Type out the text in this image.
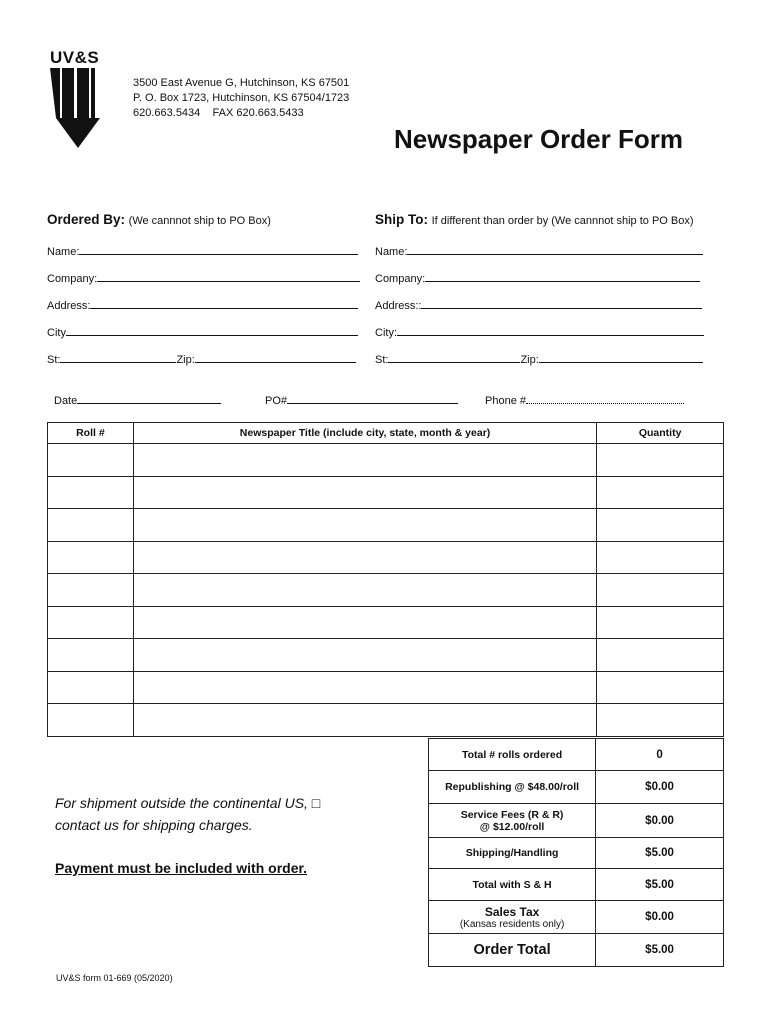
UV&S
3500 East Avenue G, Hutchinson, KS 67501
P. O. Box 1723, Hutchinson, KS 67504/1723
620.663.5434    FAX 620.663.5433
Newspaper Order Form
Ordered By: (We cannnot ship to PO Box)	Ship To: If different than order by (We cannnot ship to PO Box)
Name:
Company:
Address:
City
St:	Zip:
Name:
Company:
Address::
City:
St:	Zip:
Date	PO#	Phone #
Roll #	Newspaper Title (include city, state, month & year)	Quantity

Total # rolls ordered	0
Republishing @ $48.00/roll	$0.00
Service Fees (R & R)
@ $12.00/roll	$0.00
Shipping/Handling	$5.00
Total with S & H	$5.00
Sales Tax
(Kansas residents only)	$0.00
Order Total	$5.00
For shipment outside the continental US, □
contact us for shipping charges.
Payment must be included with order.
UV&S form 01-669 (05/2020)
